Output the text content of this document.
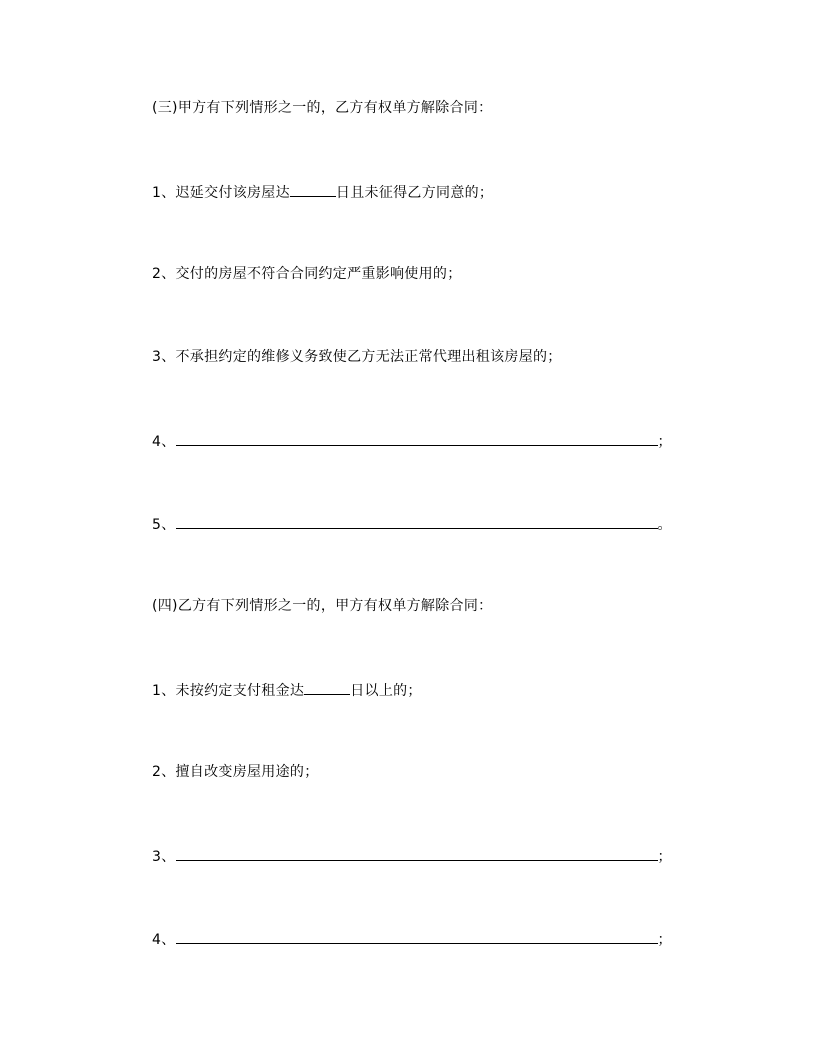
(三)甲方有下列情形之一的，乙方有权单方解除合同：
1、迟延交付该房屋达	日且未征得乙方同意的；
2、交付的房屋不符合合同约定严重影响使用的；
3、不承担约定的维修义务致使乙方无法正常代理出租该房屋的；
4、	；
5、	。
(四)乙方有下列情形之一的，甲方有权单方解除合同：
1、未按约定支付租金达	日以上的；
2、擅自改变房屋用途的；
3、	；
4、	；
